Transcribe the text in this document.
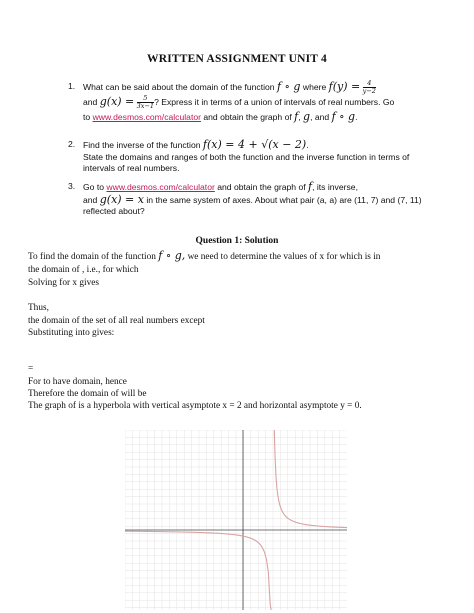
WRITTEN ASSIGNMENT UNIT 4
1. What can be said about the domain of the function f ∘ g where $f(y) = \frac{4}{y-2}$
and $g(x) = \frac{5}{3x-1}$ ? Express it in terms of a union of intervals of real numbers. Go
to www.desmos.com/calculator and obtain the graph of f, g, and f ∘ g.
2. Find the inverse of the function f(x) = 4 + √(x − 2).
State the domains and ranges of both the function and the inverse function in terms of intervals of real numbers.
3. Go to www.desmos.com/calculator and obtain the graph of f, its inverse,
and g(x) = x in the same system of axes. About what pair (a, a) are (11, 7) and (7, 11) reflected about?
Question 1: Solution
To find the domain of the function f ∘ g, we need to determine the values of x for which is in
the domain of , i.e., for which
Solving for x gives
Thus,
the domain of the set of all real numbers except
Substituting into gives:
=
For to have domain, hence
Therefore the domain of will be
The graph of is a hyperbola with vertical asymptote x = 2 and horizontal asymptote y = 0.
